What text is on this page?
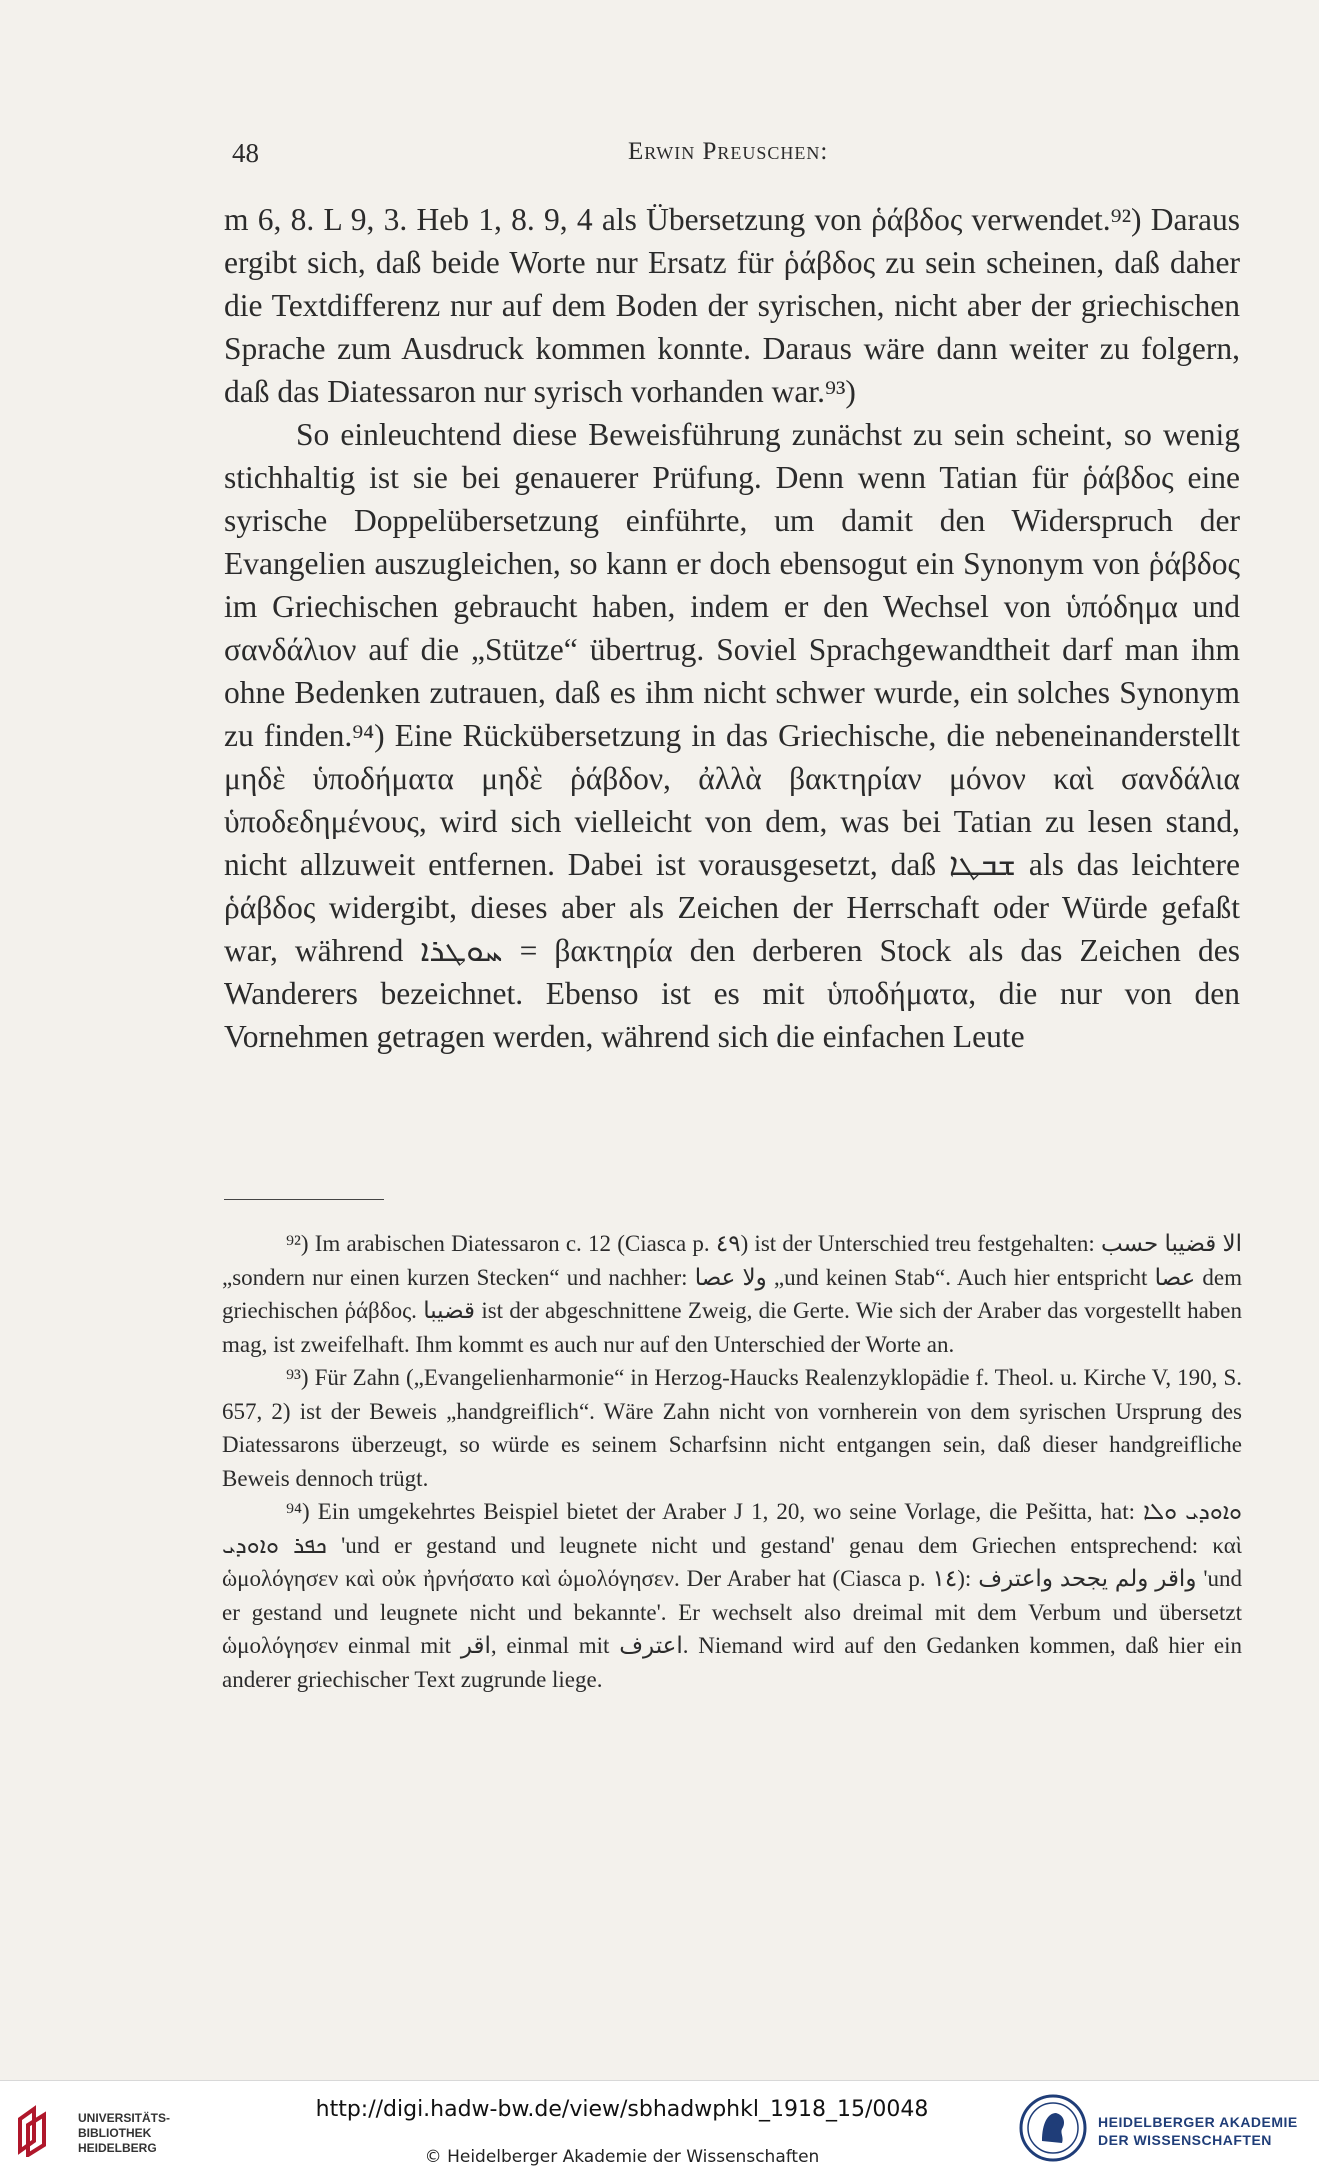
48	Erwin Preuschen:

m 6, 8. L 9, 3. Heb 1, 8. 9, 4 als Übersetzung von ῥάβδος verwendet.⁹²) Daraus ergibt sich, daß beide Worte nur Ersatz für ῥάβδος zu sein scheinen, daß daher die Textdifferenz nur auf dem Boden der syrischen, nicht aber der griechischen Sprache zum Ausdruck kommen konnte. Daraus wäre dann weiter zu folgern, daß das Diatessaron nur syrisch vorhanden war.⁹³)

So einleuchtend diese Beweisführung zunächst zu sein scheint, so wenig stichhaltig ist sie bei genauerer Prüfung. Denn wenn Tatian für ῥάβδος eine syrische Doppelübersetzung einführte, um damit den Widerspruch der Evangelien auszugleichen, so kann er doch ebensogut ein Synonym von ῥάβδος im Griechischen gebraucht haben, indem er den Wechsel von ὑπόδημα und σανδάλιον auf die „Stütze“ übertrug. Soviel Sprachgewandtheit darf man ihm ohne Bedenken zutrauen, daß es ihm nicht schwer wurde, ein solches Synonym zu finden.⁹⁴) Eine Rückübersetzung in das Griechische, die nebeneinanderstellt μηδὲ ὑποδήματα μηδὲ ῥάβδον, ἀλλὰ βακτηρίαν μόνον καὶ σανδάλια ὑποδεδημένους, wird sich vielleicht von dem, was bei Tatian zu lesen stand, nicht allzuweit entfernen. Dabei ist vorausgesetzt, daß ܫܒܛܐ als das leichtere ῥάβδος widergibt, dieses aber als Zeichen der Herrschaft oder Würde gefaßt war, während ܚܘܛܪܐ = βακτηρία den derberen Stock als das Zeichen des Wanderers bezeichnet. Ebenso ist es mit ὑποδήματα, die nur von den Vornehmen getragen werden, während sich die einfachen Leute

⁹²) Im arabischen Diatessaron c. 12 (Ciasca p. ٤٩) ist der Unterschied treu festgehalten: الا قضيبا حسب „sondern nur einen kurzen Stecken“ und nachher: ولا عصا „und keinen Stab“. Auch hier entspricht عصا dem griechischen ῥάβδος. قضيبا ist der abgeschnittene Zweig, die Gerte. Wie sich der Araber das vorgestellt haben mag, ist zweifelhaft. Ihm kommt es auch nur auf den Unterschied der Worte an.

⁹³) Für Zahn („Evangelienharmonie“ in Herzog-Haucks Realenzyklopädie f. Theol. u. Kirche V, 190, S. 657, 2) ist der Beweis „handgreiflich“. Wäre Zahn nicht von vornherein von dem syrischen Ursprung des Diatessarons überzeugt, so würde es seinem Scharfsinn nicht entgangen sein, daß dieser handgreifliche Beweis dennoch trügt.

⁹⁴) Ein umgekehrtes Beispiel bietet der Araber J 1, 20, wo seine Vorlage, die Pešitta, hat: ܘܐܘܕܝ ܘܠܐ ܟܦܪ ܘܐܘܕܝ 'und er gestand und leugnete nicht und gestand' genau dem Griechen entsprechend: καὶ ὡμολόγησεν καὶ οὐκ ἠρνήσατο καὶ ὡμολόγησεν. Der Araber hat (Ciasca p. ١٤): واقر ولم يجحد واعترف 'und er gestand und leugnete nicht und bekannte'. Er wechselt also dreimal mit dem Verbum und übersetzt ὡμολόγησεν einmal mit اقر, einmal mit اعترف. Niemand wird auf den Gedanken kommen, daß hier ein anderer griechischer Text zugrunde liege.

UNIVERSITÄTS-
BIBLIOTHEK
HEIDELBERG
http://digi.hadw-bw.de/view/sbhadwphkl_1918_15/0048
© Heidelberger Akademie der Wissenschaften
HEIDELBERGER AKADEMIE
DER WISSENSCHAFTEN
